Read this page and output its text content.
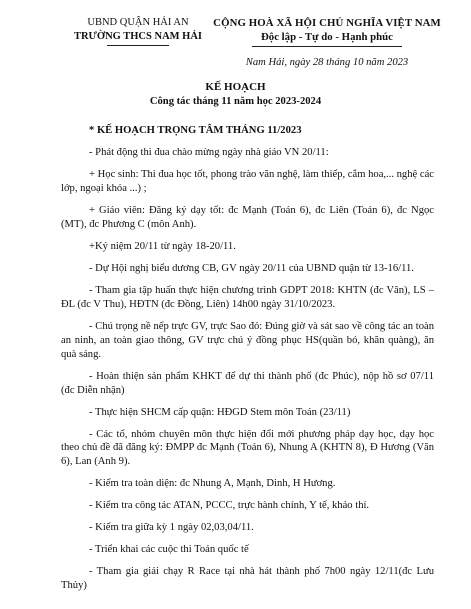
UBND QUẬN HẢI AN
TRƯỜNG THCS NAM HẢI
CỘNG HOÀ XÃ HỘI CHỦ NGHĨA VIỆT NAM
Độc lập - Tự do - Hạnh phúc
Nam Hải, ngày 28 tháng 10 năm 2023
KẾ HOẠCH
Công tác tháng 11 năm học 2023-2024
* KẾ HOẠCH TRỌNG TÂM THÁNG 11/2023

- Phát động thi đua chào mừng ngày nhà giáo VN 20/11:

+ Học sinh: Thi đua học tốt, phong trào văn nghệ, làm thiếp, cắm hoa,... nghệ các lớp, ngoại khóa ...) ;

+ Giáo viên: Đăng ký dạy tốt: đc Mạnh (Toán 6), đc Liên (Toán 6), đc Ngọc (MT), đc Phương C (môn Anh).

+Kỷ niệm 20/11 từ ngày 18-20/11.

- Dự Hội nghị biểu dương CB, GV ngày 20/11 của UBND quận từ 13-16/11.

- Tham gia tập huấn thực hiện chương trình GDPT 2018: KHTN (đc Vân), LS – ĐL (đc V Thu), HĐTN (đc Đồng, Liên) 14h00 ngày 31/10/2023.

- Chú trọng nề nếp trực GV, trực Sao đỏ: Đúng giờ và sát sao về công tác an toàn an ninh, an toàn giao thông, GV trực chú ý đồng phục HS(quần bó, khăn quàng), ăn quà sáng.

- Hoàn thiện sản phẩm KHKT để dự thi thành phố (đc Phúc), nộp hồ sơ 07/11 (đc Diễn nhận)

- Thực hiện SHCM cấp quận: HĐGD Stem môn Toán (23/11)

- Các tổ, nhóm chuyên môn thực hiện đổi mới phương pháp dạy học, dạy học theo chủ đề đã đăng ký: ĐMPP đc Mạnh (Toán 6), Nhung A (KHTN 8), Đ Hương (Văn 6), Lan (Anh 9).

- Kiểm tra toàn diện: đc Nhung A, Mạnh, Dinh, H Hương.

- Kiểm tra công tác ATAN, PCCC, trực hành chính, Y tế, khảo thí.

- Kiểm tra giữa kỳ 1 ngày 02,03,04/11.

- Triển khai các cuộc thi Toán quốc tế

- Tham gia giải chạy R Race tại nhà hát thành phố 7h00 ngày 12/11(đc Lưu Thủy)
